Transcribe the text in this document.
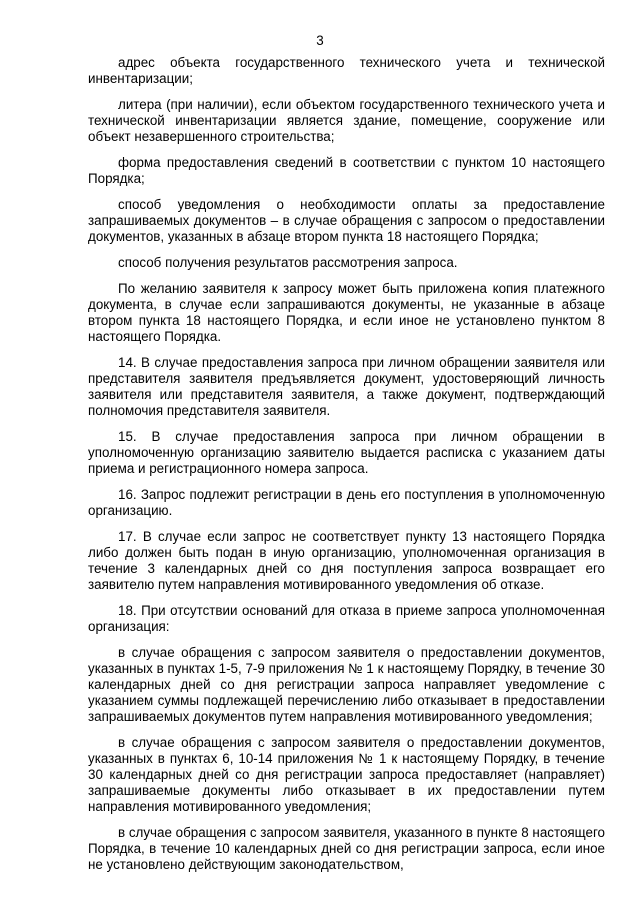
3

адрес объекта государственного технического учета и технической инвентаризации;

литера (при наличии), если объектом государственного технического учета и технической инвентаризации является здание, помещение, сооружение или объект незавершенного строительства;

форма предоставления сведений в соответствии с пунктом 10 настоящего Порядка;

способ уведомления о необходимости оплаты за предоставление запрашиваемых документов – в случае обращения с запросом о предоставлении документов, указанных в абзаце втором пункта 18 настоящего Порядка;

способ получения результатов рассмотрения запроса.

По желанию заявителя к запросу может быть приложена копия платежного документа, в случае если запрашиваются документы, не указанные в абзаце втором пункта 18 настоящего Порядка, и если иное не установлено пунктом 8 настоящего Порядка.

14. В случае предоставления запроса при личном обращении заявителя или представителя заявителя предъявляется документ, удостоверяющий личность заявителя или представителя заявителя, а также документ, подтверждающий полномочия представителя заявителя.

15. В случае предоставления запроса при личном обращении в уполномоченную организацию заявителю выдается расписка с указанием даты приема и регистрационного номера запроса.

16. Запрос подлежит регистрации в день его поступления в уполномоченную организацию.

17. В случае если запрос не соответствует пункту 13 настоящего Порядка либо должен быть подан в иную организацию, уполномоченная организация в течение 3 календарных дней со дня поступления запроса возвращает его заявителю путем направления мотивированного уведомления об отказе.

18. При отсутствии оснований для отказа в приеме запроса уполномоченная организация:

в случае обращения с запросом заявителя о предоставлении документов, указанных в пунктах 1-5, 7-9 приложения № 1 к настоящему Порядку, в течение 30 календарных дней со дня регистрации запроса направляет уведомление с указанием суммы подлежащей перечислению либо отказывает в предоставлении запрашиваемых документов путем направления мотивированного уведомления;

в случае обращения с запросом заявителя о предоставлении документов, указанных в пунктах 6, 10-14 приложения № 1 к настоящему Порядку, в течение 30 календарных дней со дня регистрации запроса предоставляет (направляет) запрашиваемые документы либо отказывает в их предоставлении путем направления мотивированного уведомления;

в случае обращения с запросом заявителя, указанного в пункте 8 настоящего Порядка, в течение 10 календарных дней со дня регистрации запроса, если иное не установлено действующим законодательством,
